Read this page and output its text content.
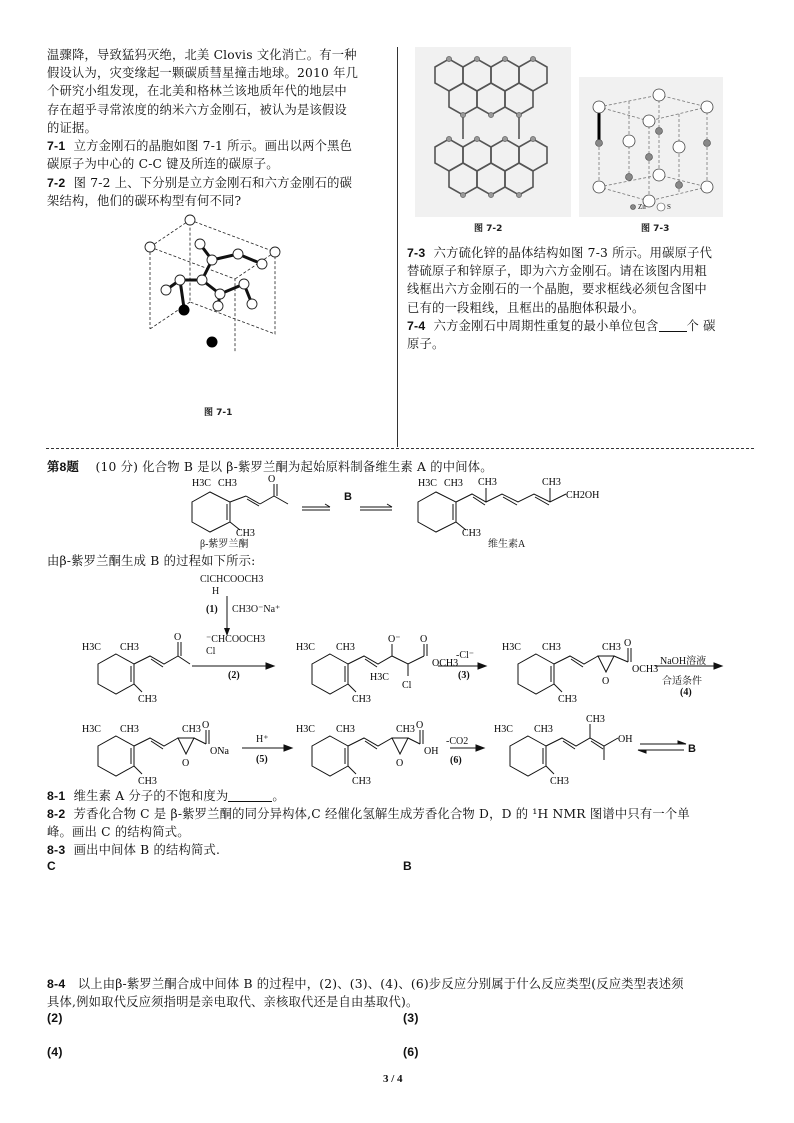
温骤降，导致猛犸灭绝，北美 Clovis 文化消亡。有一种
假设认为，灾变缘起一颗碳质彗星撞击地球。2010 年几
个研究小组发现，在北美和格林兰该地质年代的地层中
存在超乎寻常浓度的纳米六方金刚石，被认为是该假设
的证据。
7-1 立方金刚石的晶胞如图 7-1 所示。画出以两个黑色
碳原子为中心的 C-C 键及所连的碳原子。
7-2 图 7-2 上、下分别是立方金刚石和六方金刚石的碳
架结构，他们的碳环构型有何不同?
图 7-1
图 7-2
Zn	S
图 7-3
7-3 六方硫化锌的晶体结构如图 7-3 所示。用碳原子代
替硫原子和锌原子，即为六方金刚石。请在该图内用粗
线框出六方金刚石的一个晶胞，要求框线必须包含图中
已有的一段粗线，且框出的晶胞体积最小。
7-4 六方金刚石中周期性重复的最小单位包含 个 碳
原子。
第8题 (10 分) 化合物 B 是以 β-紫罗兰酮为起始原料制备维生素 A 的中间体。
H3C CH3	O
CH3
H3C CH3 CH3	CH3
CH2OH
CH3
B
β-紫罗兰酮	维生素A
由β-紫罗兰酮生成 B 的过程如下所示:
ClCHCOOCH3
H
(1) CH3O⁻Na⁺
⁻CHCOOCH3
Cl
H3C CH3
O
CH3
H3C CH3
O⁻
H3C
Cl
O
OCH3
CH3
H3C CH3	CH3
O
O
OCH3
CH3
(2)
-Cl⁻
(3)
NaOH溶液
合适条件
(4)
H3C CH3	CH3
O
O
ONa
CH3
H3C CH3	CH3
O
O
OH
CH3
H3C CH3
CH3
OH
CH3
H⁺
(5)
-CO2
(6)
B
8-1 维生素 A 分子的不饱和度为	。
8-2 芳香化合物 C 是 β-紫罗兰酮的同分异构体,C 经催化氢解生成芳香化合物 D，D 的 ¹H NMR 图谱中只有一个单
峰。画出 C 的结构简式。
8-3 画出中间体 B 的结构简式.
C	B
8-4 以上由β-紫罗兰酮合成中间体 B 的过程中，(2)、(3)、(4)、(6)步反应分别属于什么反应类型(反应类型表述须
具体,例如取代反应须指明是亲电取代、亲核取代还是自由基取代)。
(2)	(3)
(4)	(6)
3 / 4
